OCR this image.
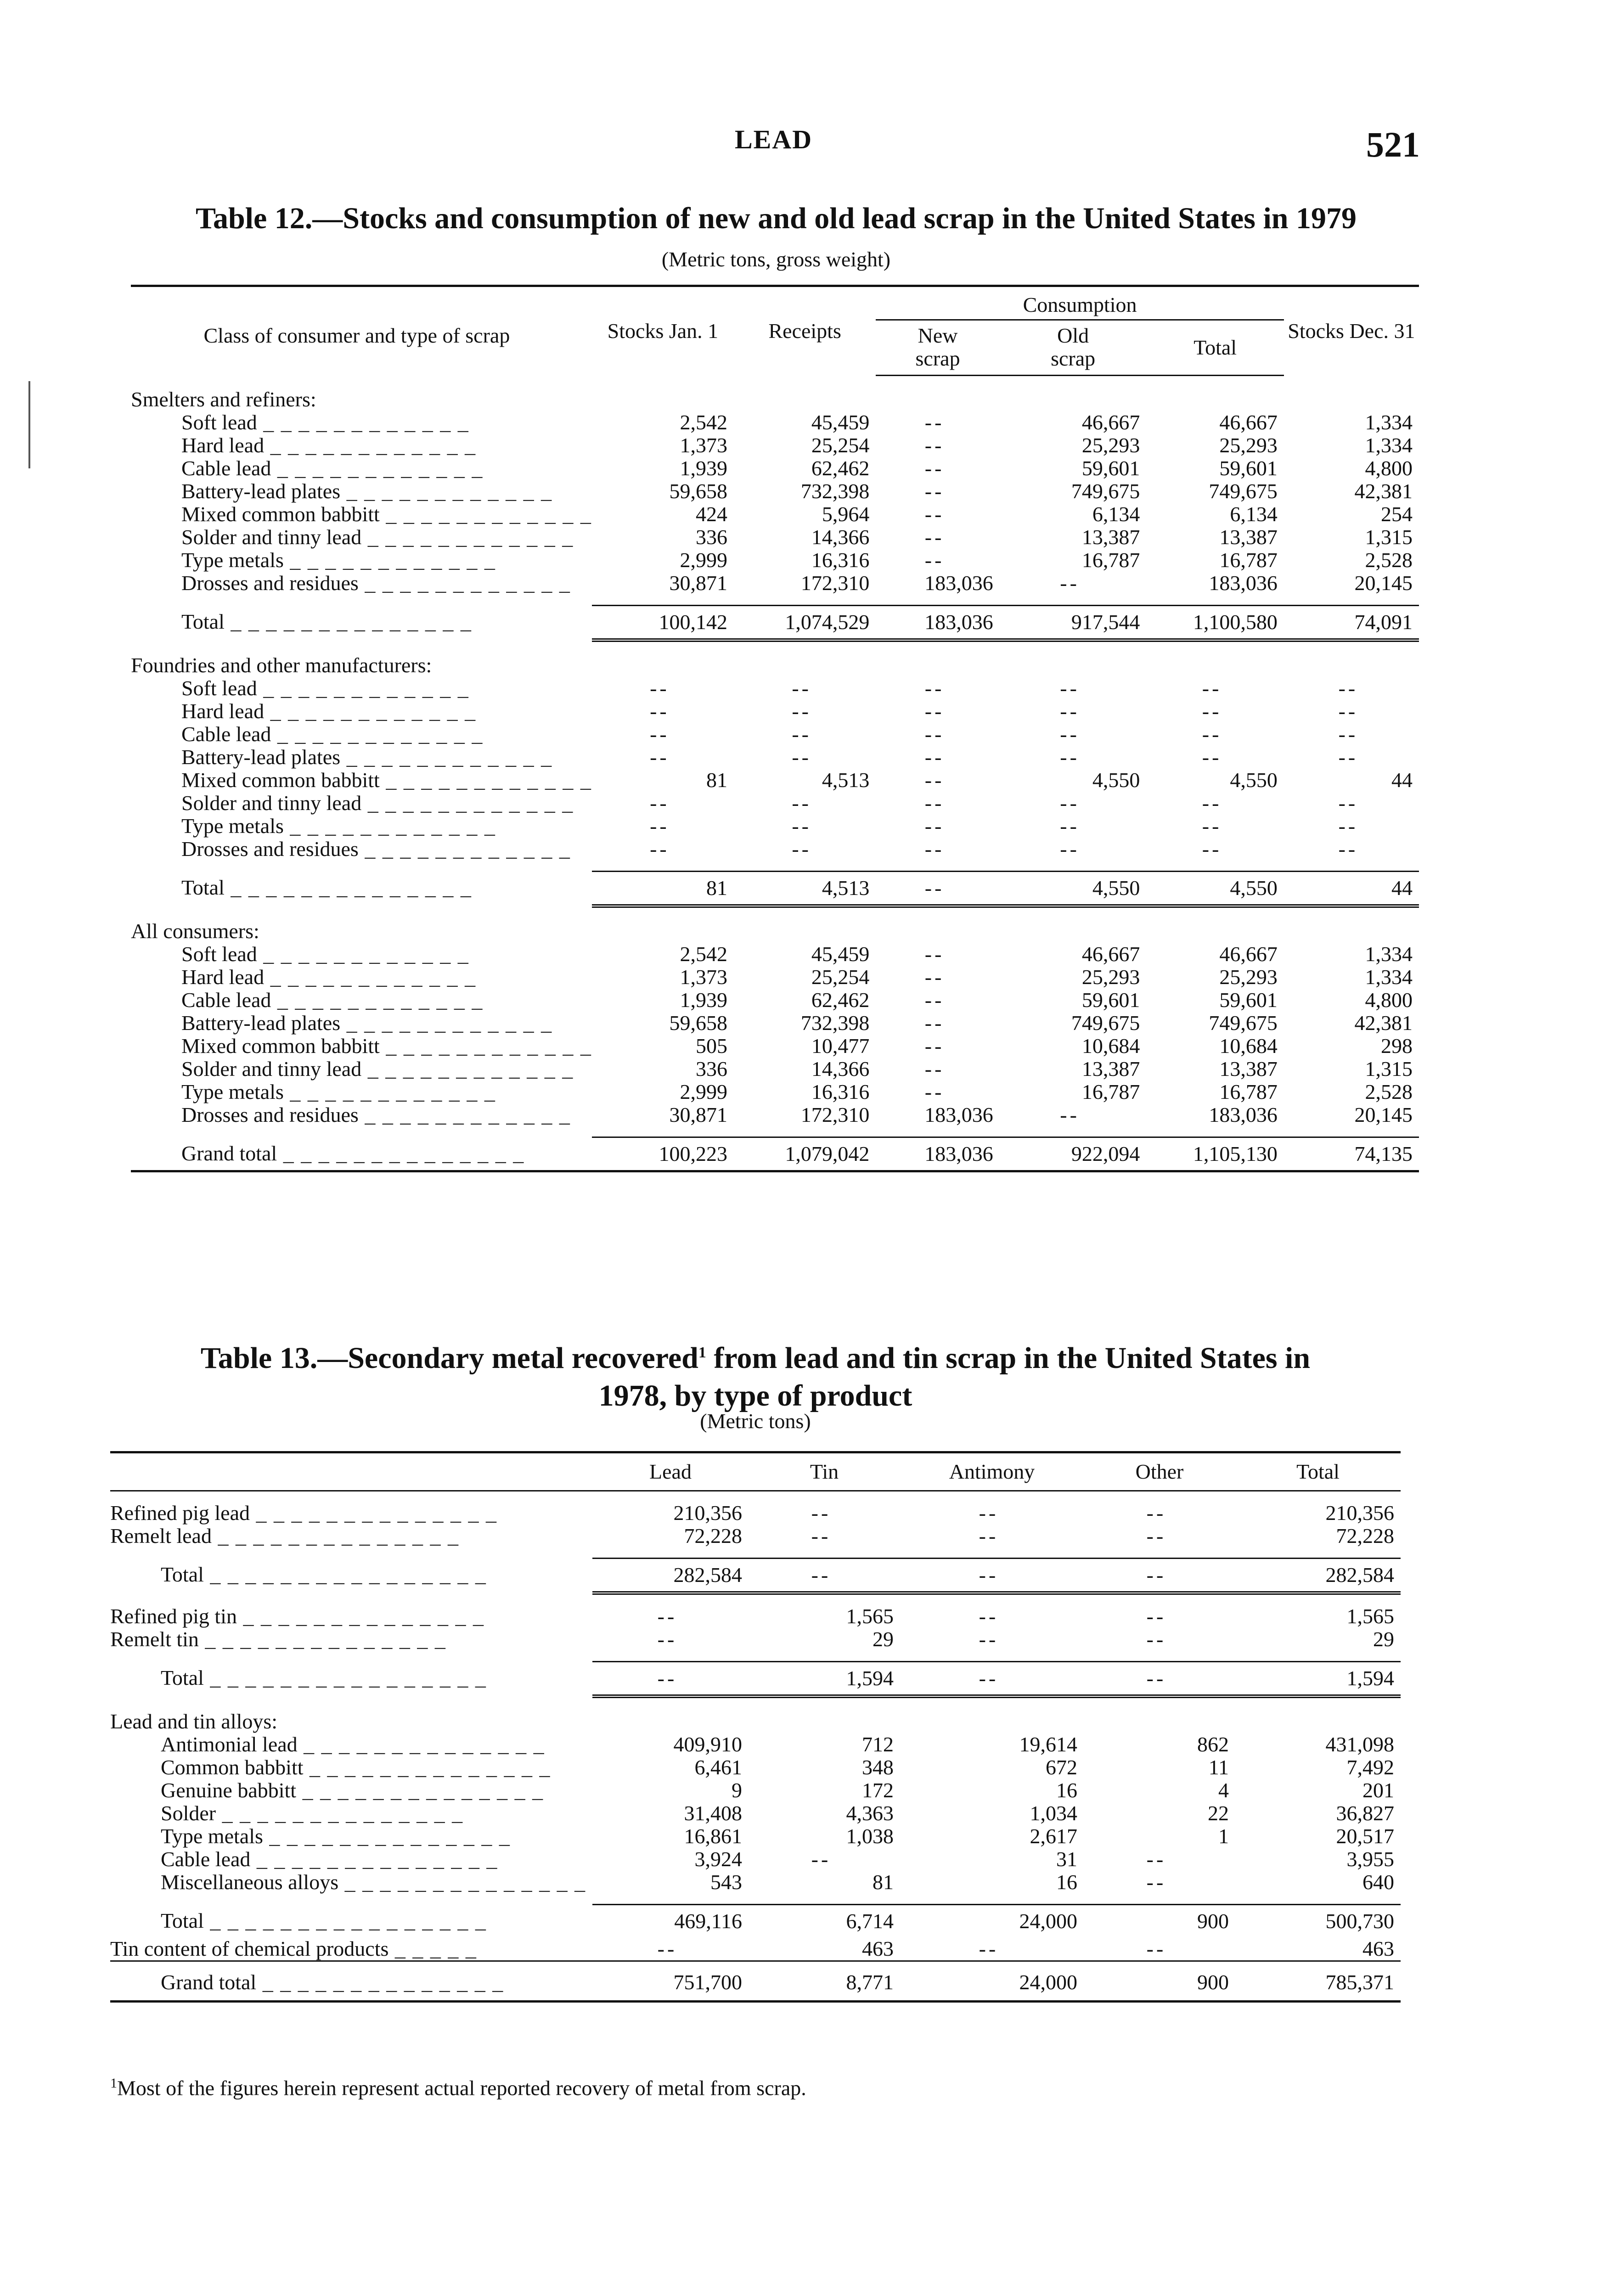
LEAD	521
Table 12.—Stocks and consumption of new and old lead scrap in the United States in 1979
(Metric tons, gross weight)
Class of consumer and type of scrap	Stocks Jan. 1	Receipts	Consumption			Stocks Dec. 31
			New scrap	Old scrap	Total	
Smelters and refiners:						
Soft lead _ _ _ _ _ _ _ _ _ _ _ _	2,542	45,459	--	46,667	46,667	1,334
Hard lead _ _ _ _ _ _ _ _ _ _ _ _	1,373	25,254	--	25,293	25,293	1,334
Cable lead _ _ _ _ _ _ _ _ _ _ _ _	1,939	62,462	--	59,601	59,601	4,800
Battery-lead plates _ _ _ _ _ _ _ _ _ _ _ _	59,658	732,398	--	749,675	749,675	42,381
Mixed common babbitt _ _ _ _ _ _ _ _ _ _ _ _	424	5,964	--	6,134	6,134	254
Solder and tinny lead _ _ _ _ _ _ _ _ _ _ _ _	336	14,366	--	13,387	13,387	1,315
Type metals _ _ _ _ _ _ _ _ _ _ _ _	2,999	16,316	--	16,787	16,787	2,528
Drosses and residues _ _ _ _ _ _ _ _ _ _ _ _	30,871	172,310	183,036	--	183,036	20,145

Total _ _ _ _ _ _ _ _ _ _ _ _ _ _	100,142	1,074,529	183,036	917,544	1,100,580	74,091

Foundries and other manufacturers:						
Soft lead _ _ _ _ _ _ _ _ _ _ _ _	--	--	--	--	--	--
Hard lead _ _ _ _ _ _ _ _ _ _ _ _	--	--	--	--	--	--
Cable lead _ _ _ _ _ _ _ _ _ _ _ _	--	--	--	--	--	--
Battery-lead plates _ _ _ _ _ _ _ _ _ _ _ _	--	--	--	--	--	--
Mixed common babbitt _ _ _ _ _ _ _ _ _ _ _ _	81	4,513	--	4,550	4,550	44
Solder and tinny lead _ _ _ _ _ _ _ _ _ _ _ _	--	--	--	--	--	--
Type metals _ _ _ _ _ _ _ _ _ _ _ _	--	--	--	--	--	--
Drosses and residues _ _ _ _ _ _ _ _ _ _ _ _	--	--	--	--	--	--

Total _ _ _ _ _ _ _ _ _ _ _ _ _ _	81	4,513	--	4,550	4,550	44

All consumers:						
Soft lead _ _ _ _ _ _ _ _ _ _ _ _	2,542	45,459	--	46,667	46,667	1,334
Hard lead _ _ _ _ _ _ _ _ _ _ _ _	1,373	25,254	--	25,293	25,293	1,334
Cable lead _ _ _ _ _ _ _ _ _ _ _ _	1,939	62,462	--	59,601	59,601	4,800
Battery-lead plates _ _ _ _ _ _ _ _ _ _ _ _	59,658	732,398	--	749,675	749,675	42,381
Mixed common babbitt _ _ _ _ _ _ _ _ _ _ _ _	505	10,477	--	10,684	10,684	298
Solder and tinny lead _ _ _ _ _ _ _ _ _ _ _ _	336	14,366	--	13,387	13,387	1,315
Type metals _ _ _ _ _ _ _ _ _ _ _ _	2,999	16,316	--	16,787	16,787	2,528
Drosses and residues _ _ _ _ _ _ _ _ _ _ _ _	30,871	172,310	183,036	--	183,036	20,145

Grand total _ _ _ _ _ _ _ _ _ _ _ _ _ _	100,223	1,079,042	183,036	922,094	1,105,130	74,135

Table 13.—Secondary metal recovered$^1$ from lead and tin scrap in the United States in
1978, by type of product
(Metric tons)
	Lead	Tin	Antimony	Other	Total

Refined pig lead _ _ _ _ _ _ _ _ _ _ _ _ _ _	210,356	--	--	--	210,356
Remelt lead _ _ _ _ _ _ _ _ _ _ _ _ _ _	72,228	--	--	--	72,228

Total _ _ _ _ _ _ _ _ _ _ _ _ _ _ _ _	282,584	--	--	--	282,584

Refined pig tin _ _ _ _ _ _ _ _ _ _ _ _ _ _	--	1,565	--	--	1,565
Remelt tin _ _ _ _ _ _ _ _ _ _ _ _ _ _	--	29	--	--	29

Total _ _ _ _ _ _ _ _ _ _ _ _ _ _ _ _	--	1,594	--	--	1,594

Lead and tin alloys:					
Antimonial lead _ _ _ _ _ _ _ _ _ _ _ _ _ _	409,910	712	19,614	862	431,098
Common babbitt _ _ _ _ _ _ _ _ _ _ _ _ _ _	6,461	348	672	11	7,492
Genuine babbitt _ _ _ _ _ _ _ _ _ _ _ _ _ _	9	172	16	4	201
Solder _ _ _ _ _ _ _ _ _ _ _ _ _ _	31,408	4,363	1,034	22	36,827
Type metals _ _ _ _ _ _ _ _ _ _ _ _ _ _	16,861	1,038	2,617	1	20,517
Cable lead _ _ _ _ _ _ _ _ _ _ _ _ _ _	3,924	--	31	--	3,955
Miscellaneous alloys _ _ _ _ _ _ _ _ _ _ _ _ _ _	543	81	16	--	640

Total _ _ _ _ _ _ _ _ _ _ _ _ _ _ _ _	469,116	6,714	24,000	900	500,730
Tin content of chemical products _ _ _ _ _	--	463	--	--	463

Grand total _ _ _ _ _ _ _ _ _ _ _ _ _ _	751,700	8,771	24,000	900	785,371
$^1$Most of the figures herein represent actual reported recovery of metal from scrap.
